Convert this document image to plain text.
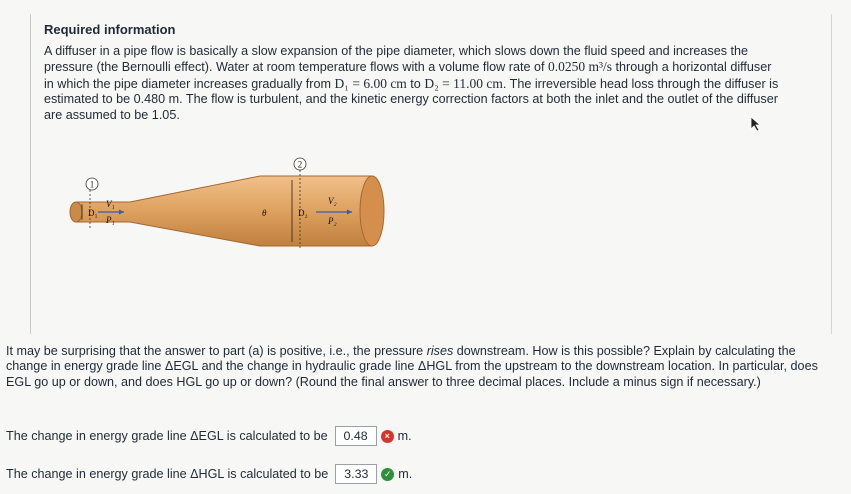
Required information
A diffuser in a pipe flow is basically a slow expansion of the pipe diameter, which slows down the fluid speed and increases the pressure (the Bernoulli effect). Water at room temperature flows with a volume flow rate of 0.0250 m³/s through a horizontal diffuser in which the pipe diameter increases gradually from D₁ = 6.00 cm to D₂ = 11.00 cm. The irreversible head loss through the diffuser is estimated to be 0.480 m. The flow is turbulent, and the kinetic energy correction factors at both the inlet and the outlet of the diffuser are assumed to be 1.05.
1
2
D₁	D₂
V₁
P₁
V₂
P₂
θ
It may be surprising that the answer to part (a) is positive, i.e., the pressure rises downstream. How is this possible? Explain by calculating the change in energy grade line ΔEGL and the change in hydraulic grade line ΔHGL from the upstream to the downstream location. In particular, does EGL go up or down, and does HGL go up or down? (Round the final answer to three decimal places. Include a minus sign if necessary.)
The change in energy grade line ΔEGL is calculated to be	0.48	× m.
The change in energy grade line ΔHGL is calculated to be	3.33	✓ m.
